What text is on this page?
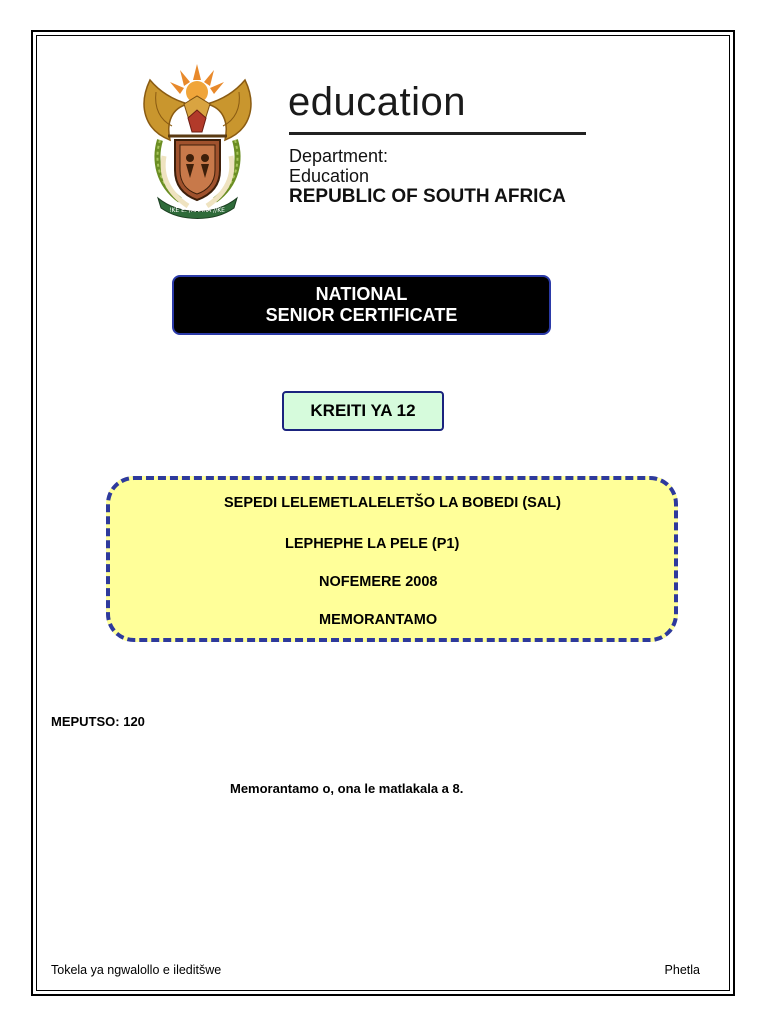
!KE E: /XARRA //KE
education
Department:
Education
REPUBLIC OF SOUTH AFRICA
NATIONAL
SENIOR CERTIFICATE
KREITI YA 12
SEPEDI LELEMETLALELETŠO LA BOBEDI (SAL)
LEPHEPHE LA PELE (P1)
NOFEMERE 2008
MEMORANTAMO
MEPUTSO: 120
Memorantamo o, ona le matlakala a 8.
Tokela ya ngwalollo e ileditšwe	Phetla
